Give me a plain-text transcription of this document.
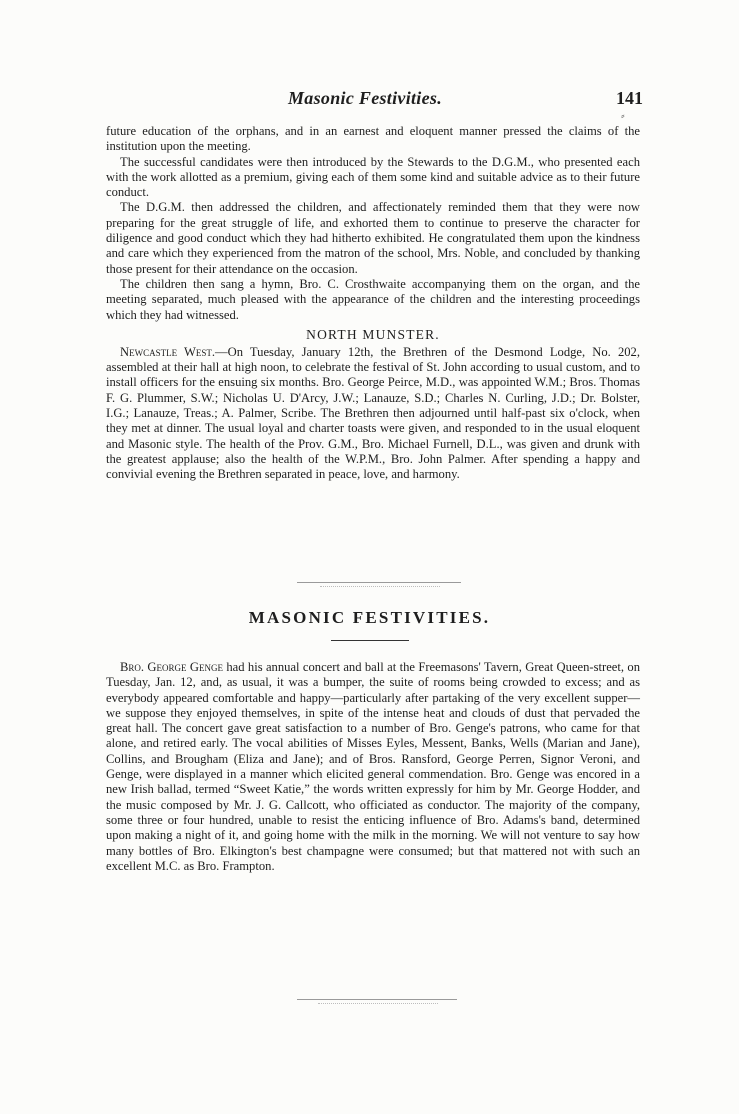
Masonic Festivities.	141
⸗

future education of the orphans, and in an earnest and eloquent manner pressed the claims of the institution upon the meeting.

The successful candidates were then introduced by the Stewards to the D.G.M., who presented each with the work allotted as a premium, giving each of them some kind and suitable advice as to their future conduct.

The D.G.M. then addressed the children, and affectionately reminded them that they were now preparing for the great struggle of life, and exhorted them to continue to preserve the character for diligence and good conduct which they had hitherto exhibited. He congratulated them upon the kindness and care which they experienced from the matron of the school, Mrs. Noble, and concluded by thanking those present for their attendance on the occasion.

The children then sang a hymn, Bro. C. Crosthwaite accompanying them on the organ, and the meeting separated, much pleased with the appearance of the children and the interesting proceedings which they had witnessed.

NORTH MUNSTER.

Newcastle West.—On Tuesday, January 12th, the Brethren of the Desmond Lodge, No. 202, assembled at their hall at high noon, to celebrate the festival of St. John according to usual custom, and to install officers for the ensuing six months. Bro. George Peirce, M.D., was appointed W.M.; Bros. Thomas F. G. Plummer, S.W.; Nicholas U. D'Arcy, J.W.; Lanauze, S.D.; Charles N. Curling, J.D.; Dr. Bolster, I.G.; Lanauze, Treas.; A. Palmer, Scribe. The Brethren then adjourned until half-past six o'clock, when they met at dinner. The usual loyal and charter toasts were given, and responded to in the usual eloquent and Masonic style. The health of the Prov. G.M., Bro. Michael Furnell, D.L., was given and drunk with the greatest applause; also the health of the W.P.M., Bro. John Palmer. After spending a happy and convivial evening the Brethren separated in peace, love, and harmony.

MASONIC FESTIVITIES.

Bro. George Genge had his annual concert and ball at the Freemasons' Tavern, Great Queen-street, on Tuesday, Jan. 12, and, as usual, it was a bumper, the suite of rooms being crowded to excess; and as everybody appeared comfortable and happy—particularly after partaking of the very excellent supper—we suppose they enjoyed themselves, in spite of the intense heat and clouds of dust that pervaded the great hall. The concert gave great satisfaction to a number of Bro. Genge's patrons, who came for that alone, and retired early. The vocal abilities of Misses Eyles, Messent, Banks, Wells (Marian and Jane), Collins, and Brougham (Eliza and Jane); and of Bros. Ransford, George Perren, Signor Veroni, and Genge, were displayed in a manner which elicited general commendation. Bro. Genge was encored in a new Irish ballad, termed “Sweet Katie,” the words written expressly for him by Mr. George Hodder, and the music composed by Mr. J. G. Callcott, who officiated as conductor. The majority of the company, some three or four hundred, unable to resist the enticing influence of Bro. Adams's band, determined upon making a night of it, and going home with the milk in the morning. We will not venture to say how many bottles of Bro. Elkington's best champagne were consumed; but that mattered not with such an excellent M.C. as Bro. Frampton.
